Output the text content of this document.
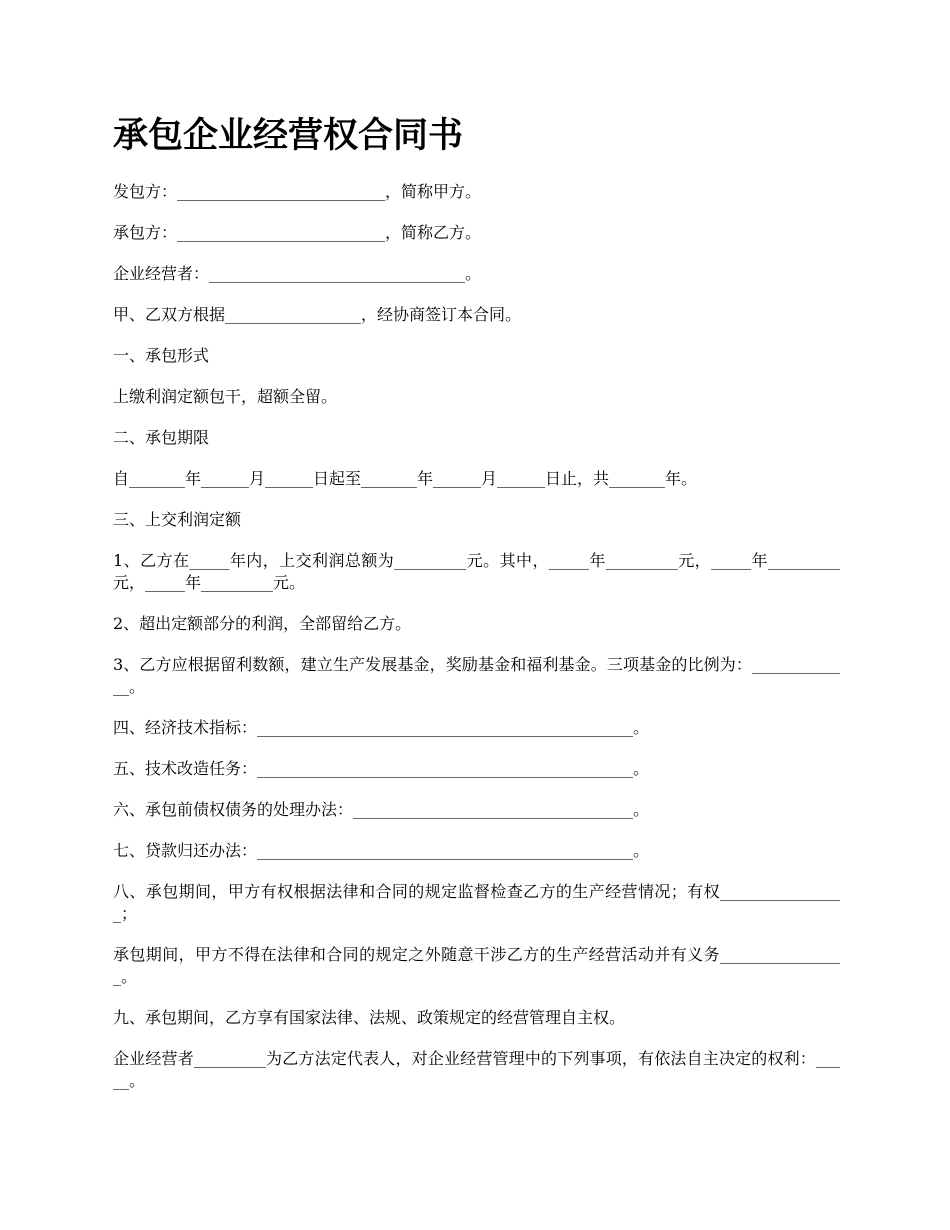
承包企业经营权合同书

发包方：__________________________，简称甲方。

承包方：__________________________，简称乙方。

企业经营者：________________________________。

甲、乙双方根据_________________，经协商签订本合同。

一、承包形式

上缴利润定额包干，超额全留。

二、承包期限

自_______年______月______日起至_______年______月______日止，共_______年。

三、上交利润定额

1、乙方在_____年内，上交利润总额为_________元。其中，_____年_________元，_____年_________元，_____年_________元。

2、超出定额部分的利润，全部留给乙方。

3、乙方应根据留利数额，建立生产发展基金，奖励基金和福利基金。三项基金的比例为：_____________。

四、经济技术指标：_______________________________________________。

五、技术改造任务：_______________________________________________。

六、承包前债权债务的处理办法：___________________________________。

七、贷款归还办法：_______________________________________________。

八、承包期间，甲方有权根据法律和合同的规定监督检查乙方的生产经营情况；有权________________；

承包期间，甲方不得在法律和合同的规定之外随意干涉乙方的生产经营活动并有义务________________。

九、承包期间，乙方享有国家法律、法规、政策规定的经营管理自主权。

企业经营者_________为乙方法定代表人，对企业经营管理中的下列事项，有依法自主决定的权利：_____。
